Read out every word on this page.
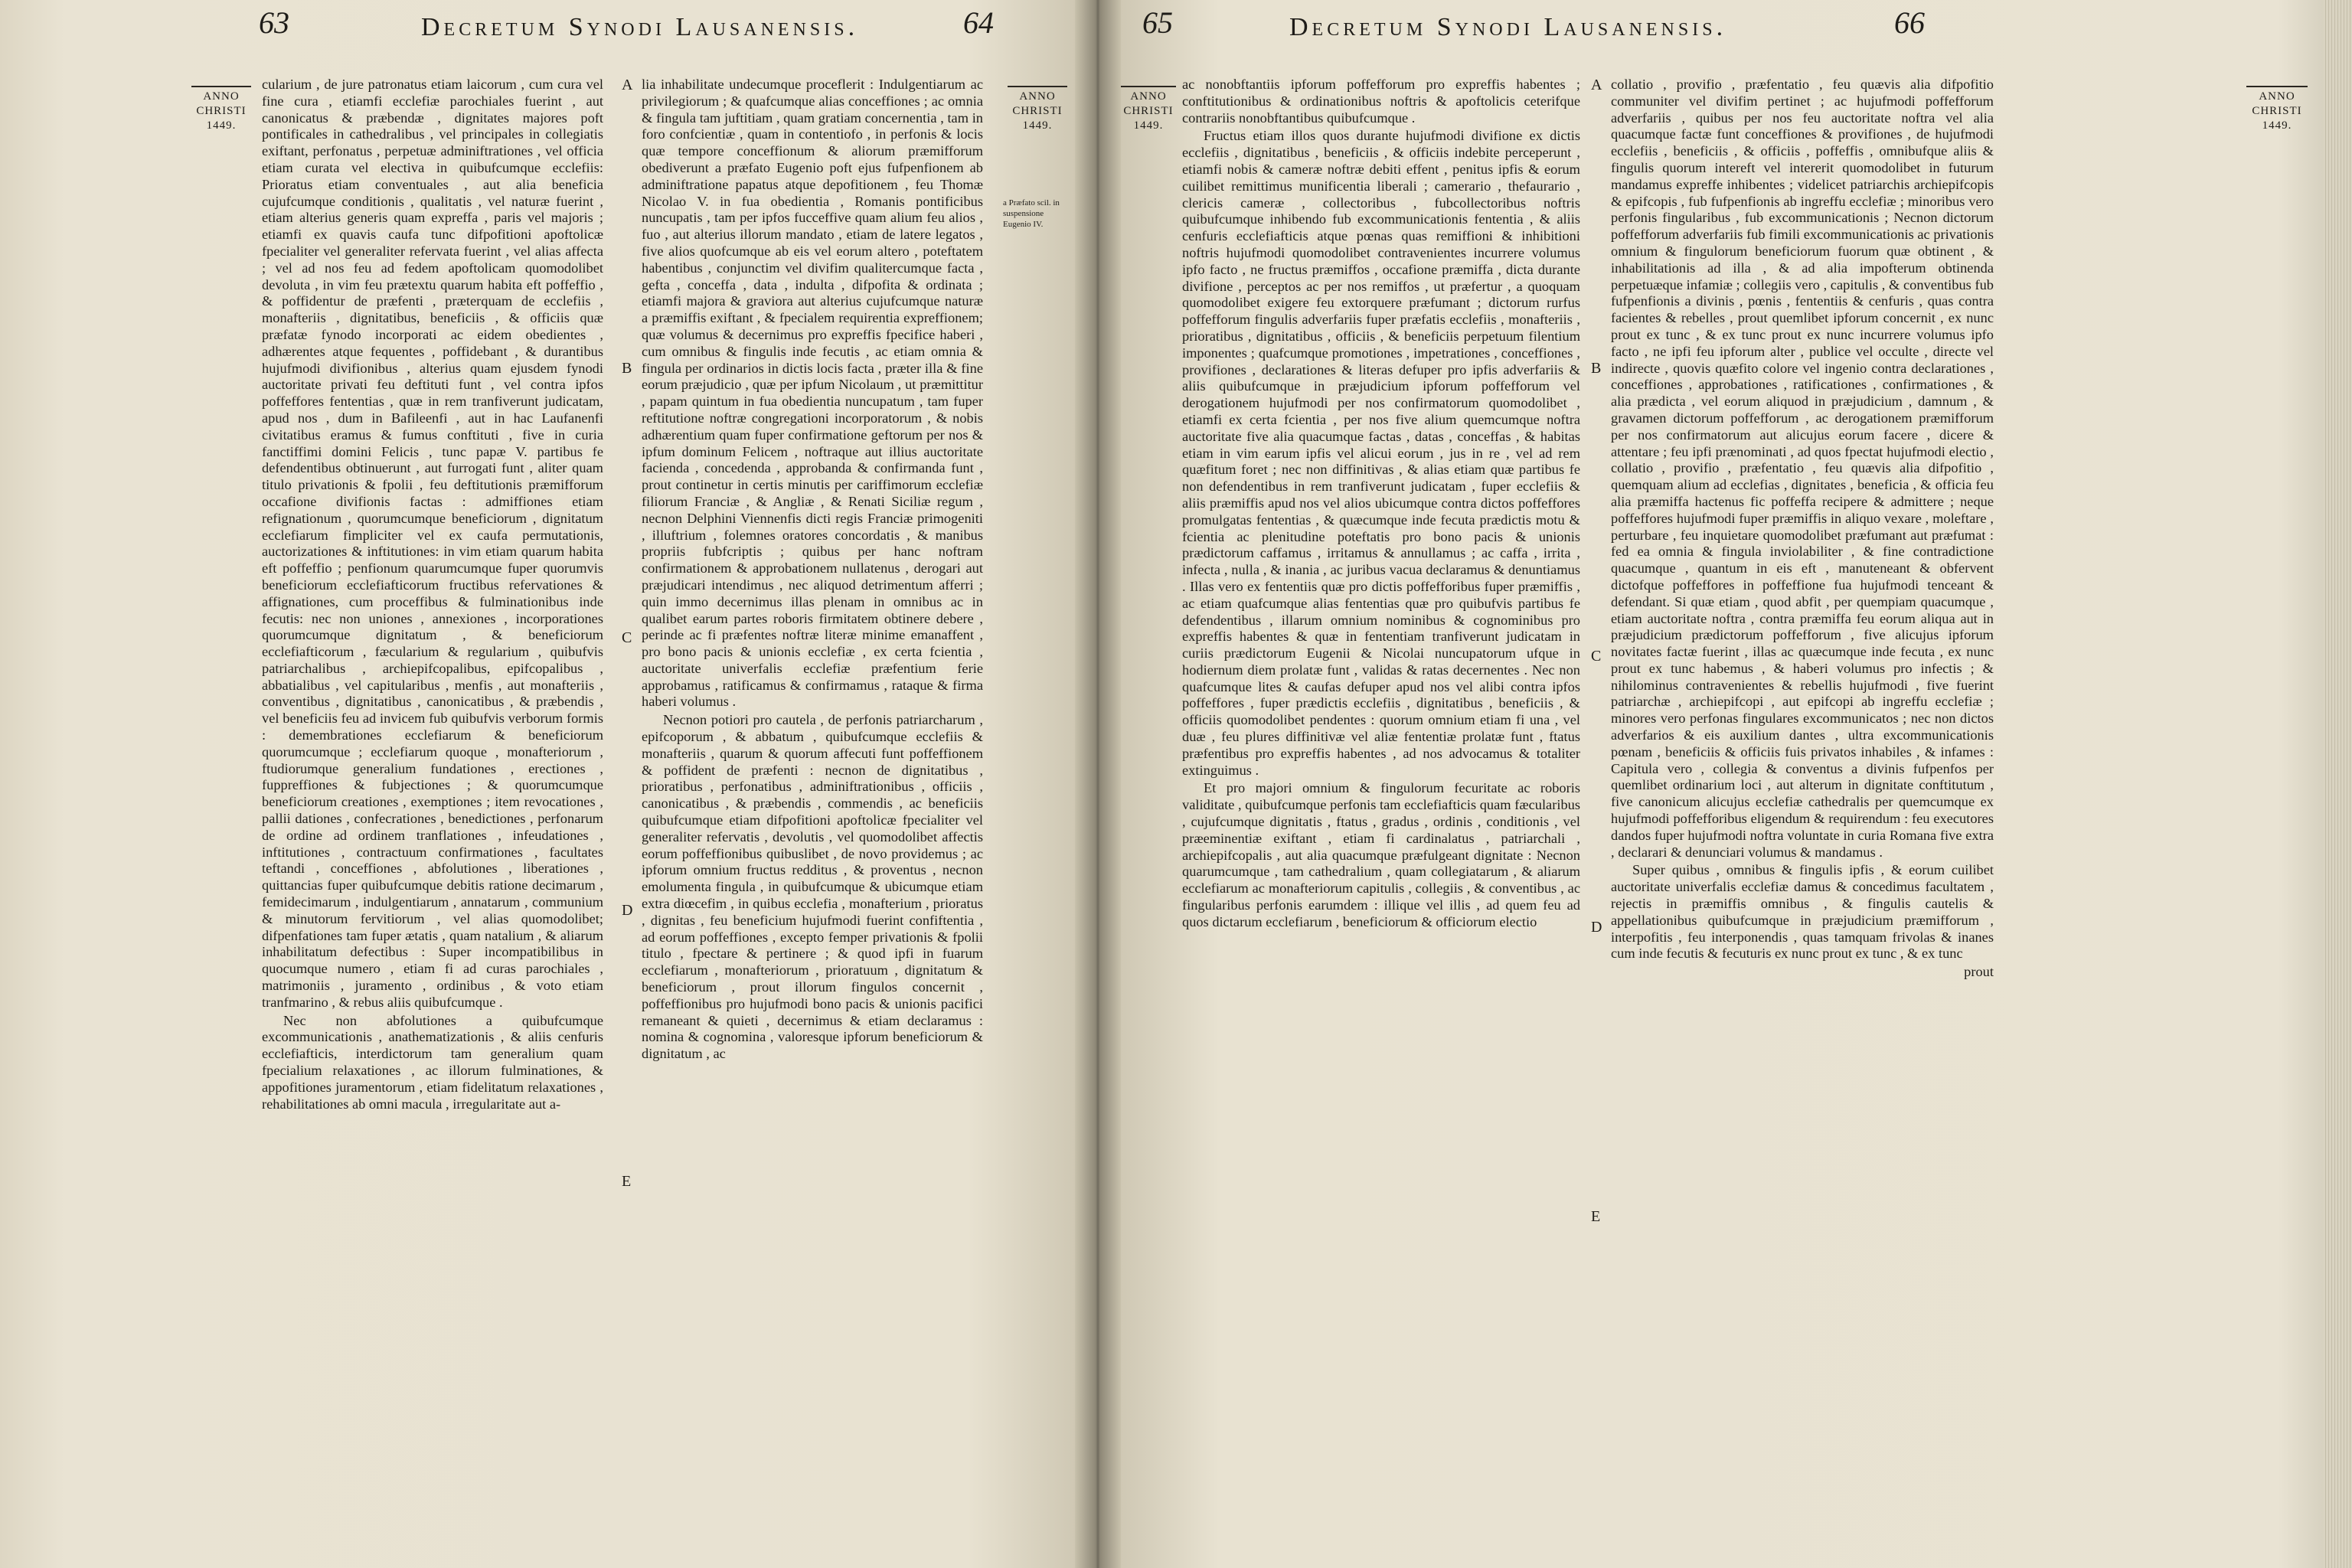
63	Decretum Synodi Lausanensis.	64
ANNO
CHRISTI
1449.
ANNO
CHRISTI
1449.
a Præfato scil. in suspensione Eugenio IV.

cularium , de jure patronatus etiam laicorum , cum cura vel fine cura , etiamfi ecclefiæ parochiales fuerint , aut canonicatus & præbendæ , dignitates majores poft pontificales in cathedralibus , vel principales in collegiatis exiftant, perfonatus , perpetuæ adminiftrationes , vel officia etiam curata vel electiva in quibufcumque ecclefiis: Prioratus etiam conventuales , aut alia beneficia cujufcumque conditionis , qualitatis , vel naturæ fuerint , etiam alterius generis quam expreffa , paris vel majoris ; etiamfi ex quavis caufa tunc difpofitioni apoftolicæ fpecialiter vel generaliter refervata fuerint , vel alias affecta ; vel ad nos feu ad fedem apoftolicam quomodolibet devoluta , in vim feu prætextu quarum habita eft poffeffio , & poffidentur de præfenti , præterquam de ecclefiis , monafteriis , dignitatibus, beneficiis , & officiis quæ præfatæ fynodo incorporati ac eidem obedientes , adhærentes atque fequentes , poffidebant , & durantibus hujufmodi divifionibus , alterius quam ejusdem fynodi auctoritate privati feu deftituti funt , vel contra ipfos poffeffores fententias , quæ in rem tranfiverunt judicatam, apud nos , dum in Bafileenfi , aut in hac Laufanenfi civitatibus eramus & fumus conftituti , five in curia fanctiffimi domini Felicis , tunc papæ V. partibus fe defendentibus obtinuerunt , aut furrogati funt , aliter quam titulo privationis & fpolii , feu deftitutionis præmifforum occafione divifionis factas : admiffiones etiam refignationum , quorumcumque beneficiorum , dignitatum ecclefiarum fimpliciter vel ex caufa permutationis, auctorizationes & inftitutiones: in vim etiam quarum habita eft poffeffio ; penfionum quarumcumque fuper quorumvis beneficiorum ecclefiafticorum fructibus refervationes & affignationes, cum proceffibus & fulminationibus inde fecutis: nec non uniones , annexiones , incorporationes quorumcumque dignitatum , & beneficiorum ecclefiafticorum , fæcularium & regularium , quibufvis patriarchalibus , archiepifcopalibus, epifcopalibus , abbatialibus , vel capitularibus , menfis , aut monafteriis , conventibus , dignitatibus , canonicatibus , & præbendis , vel beneficiis feu ad invicem fub quibufvis verborum formis : demembrationes ecclefiarum & beneficiorum quorumcumque ; ecclefiarum quoque , monafteriorum , ftudiorumque generalium fundationes , erectiones , fuppreffiones & fubjectiones ; & quorumcumque beneficiorum creationes , exemptiones ; item revocationes , pallii dationes , confecrationes , benedictiones , perfonarum de ordine ad ordinem tranflationes , infeudationes , inftitutiones , contractuum confirmationes , facultates teftandi , conceffiones , abfolutiones , liberationes , quittancias fuper quibufcumque debitis ratione decimarum , femidecimarum , indulgentiarum , annatarum , communium & minutorum fervitiorum , vel alias quomodolibet; difpenfationes tam fuper ætatis , quam natalium , & aliarum inhabilitatum defectibus : Super incompatibilibus in quocumque numero , etiam fi ad curas parochiales , matrimoniis , juramento , ordinibus , & voto etiam tranfmarino , & rebus aliis quibufcumque .

Nec non abfolutiones a quibufcumque excommunicationis , anathematizationis , & aliis cenfuris ecclefiafticis, interdictorum tam generalium quam fpecialium relaxationes , ac illorum fulminationes, & appofitiones juramentorum , etiam fidelitatum relaxationes , rehabilitationes ab omni macula , irregularitate aut a-

A
B
C
D
E

lia inhabilitate undecumque proceflerit : Indulgentiarum ac privilegiorum ; & quafcumque alias conceffiones ; ac omnia & fingula tam juftitiam , quam gratiam concernentia , tam in foro confcientiæ , quam in contentiofo , in perfonis & locis quæ tempore conceffionum & aliorum præmifforum obediverunt a præfato Eugenio poft ejus fufpenfionem ab adminiftratione papatus atque depofitionem , feu Thomæ Nicolao V. in fua obedientia , Romanis pontificibus nuncupatis , tam per ipfos fucceffive quam alium feu alios , fuo , aut alterius illorum mandato , etiam de latere legatos , five alios quofcumque ab eis vel eorum altero , poteftatem habentibus , conjunctim vel divifim qualitercumque facta , gefta , conceffa , data , indulta , difpofita & ordinata ; etiamfi majora & graviora aut alterius cujufcumque naturæ a præmiffis exiftant , & fpecialem requirentia expreffionem; quæ volumus & decernimus pro expreffis fpecifice haberi , cum omnibus & fingulis inde fecutis , ac etiam omnia & fingula per ordinarios in dictis locis facta , præter illa & fine eorum præjudicio , quæ per ipfum Nicolaum , ut præmittitur , papam quintum in fua obedientia nuncupatum , tam fuper reftitutione noftræ congregationi incorporatorum , & nobis adhærentium quam fuper confirmatione geftorum per nos & ipfum dominum Felicem , noftraque aut illius auctoritate facienda , concedenda , approbanda & confirmanda funt , prout continetur in certis minutis per cariffimorum ecclefiæ filiorum Franciæ , & Angliæ , & Renati Siciliæ regum , necnon Delphini Viennenfis dicti regis Franciæ primogeniti , illuftrium , folemnes oratores concordatis , & manibus propriis fubfcriptis ; quibus per hanc noftram confirmationem & approbationem nullatenus , derogari aut præjudicari intendimus , nec aliquod detrimentum afferri ; quin immo decernimus illas plenam in omnibus ac in qualibet earum partes roboris firmitatem obtinere debere , perinde ac fi præfentes noftræ literæ minime emanaffent , pro bono pacis & unionis ecclefiæ , ex certa fcientia , auctoritate univerfalis ecclefiæ præfentium ferie approbamus , ratificamus & confirmamus , rataque & firma haberi volumus .

Necnon potiori pro cautela , de perfonis patriarcharum , epifcoporum , & abbatum , quibufcumque ecclefiis & monafteriis , quarum & quorum affecuti funt poffeffionem & poffident de præfenti : necnon de dignitatibus , prioratibus , perfonatibus , adminiftrationibus , officiis , canonicatibus , & præbendis , commendis , ac beneficiis quibufcumque etiam difpofitioni apoftolicæ fpecialiter vel generaliter refervatis , devolutis , vel quomodolibet affectis eorum poffeffionibus quibuslibet , de novo providemus ; ac ipforum omnium fructus redditus , & proventus , necnon emolumenta fingula , in quibufcumque & ubicumque etiam extra diœcefim , in quibus ecclefia , monafterium , prioratus , dignitas , feu beneficium hujufmodi fuerint confiftentia , ad eorum poffeffiones , excepto femper privationis & fpolii titulo , fpectare & pertinere ; & quod ipfi in fuarum ecclefiarum , monafteriorum , prioratuum , dignitatum & beneficiorum , prout illorum fingulos concernit , poffeffionibus pro hujufmodi bono pacis & unionis pacifici remaneant & quieti , decernimus & etiam declaramus : nomina & cognomina , valoresque ipforum beneficiorum & dignitatum , ac

65	Decretum Synodi Lausanensis.	66
ANNO
CHRISTI
1449.
ANNO
CHRISTI
1449.

ac nonobftantiis ipforum poffefforum pro expreffis habentes ; conftitutionibus & ordinationibus noftris & apoftolicis ceterifque contrariis nonobftantibus quibufcumque .

Fructus etiam illos quos durante hujufmodi divifione ex dictis ecclefiis , dignitatibus , beneficiis , & officiis indebite perceperunt , etiamfi nobis & cameræ noftræ debiti effent , penitus ipfis & eorum cuilibet remittimus munificentia liberali ; camerario , thefaurario , clericis cameræ , collectoribus , fubcollectoribus noftris quibufcumque inhibendo fub excommunicationis fententia , & aliis cenfuris ecclefiafticis atque pœnas quas remiffioni & inhibitioni noftris hujufmodi quomodolibet contravenientes incurrere volumus ipfo facto , ne fructus præmiffos , occafione præmiffa , dicta durante divifione , perceptos ac per nos remiffos , ut præfertur , a quoquam quomodolibet exigere feu extorquere præfumant ; dictorum rurfus poffefforum fingulis adverfariis fuper præfatis ecclefiis , monafteriis , prioratibus , dignitatibus , officiis , & beneficiis perpetuum filentium imponentes ; quafcumque promotiones , impetrationes , conceffiones , provifiones , declarationes & literas defuper pro ipfis adverfariis & aliis quibufcumque in præjudicium ipforum poffefforum vel derogationem hujufmodi per nos confirmatorum quomodolibet , etiamfi ex certa fcientia , per nos five alium quemcumque noftra auctoritate five alia quacumque factas , datas , conceffas , & habitas etiam in vim earum ipfis vel alicui eorum , jus in re , vel ad rem quæfitum foret ; nec non diffinitivas , & alias etiam quæ partibus fe non defendentibus in rem tranfiverunt judicatam , fuper ecclefiis & aliis præmiffis apud nos vel alios ubicumque contra dictos poffeffores promulgatas fententias , & quæcumque inde fecuta prædictis motu & fcientia ac plenitudine poteftatis pro bono pacis & unionis prædictorum caffamus , irritamus & annullamus ; ac caffa , irrita , infecta , nulla , & inania , ac juribus vacua declaramus & denuntiamus . Illas vero ex fententiis quæ pro dictis poffefforibus fuper præmiffis , ac etiam quafcumque alias fententias quæ pro quibufvis partibus fe defendentibus , illarum omnium nominibus & cognominibus pro expreffis habentes & quæ in fententiam tranfiverunt judicatam in curiis prædictorum Eugenii & Nicolai nuncupatorum ufque in hodiernum diem prolatæ funt , validas & ratas decernentes . Nec non quafcumque lites & caufas defuper apud nos vel alibi contra ipfos poffeffores , fuper prædictis ecclefiis , dignitatibus , beneficiis , & officiis quomodolibet pendentes : quorum omnium etiam fi una , vel duæ , feu plures diffinitivæ vel aliæ fententiæ prolatæ funt , ftatus præfentibus pro expreffis habentes , ad nos advocamus & totaliter extinguimus .

Et pro majori omnium & fingulorum fecuritate ac roboris validitate , quibufcumque perfonis tam ecclefiafticis quam fæcularibus , cujufcumque dignitatis , ftatus , gradus , ordinis , conditionis , vel præeminentiæ exiftant , etiam fi cardinalatus , patriarchali , archiepifcopalis , aut alia quacumque præfulgeant dignitate : Necnon quarumcumque , tam cathedralium , quam collegiatarum , & aliarum ecclefiarum ac monafteriorum capitulis , collegiis , & conventibus , ac fingularibus perfonis earumdem : illique vel illis , ad quem feu ad quos dictarum ecclefiarum , beneficiorum & officiorum electio

A
B
C
D
E

collatio , provifio , præfentatio , feu quævis alia difpofitio communiter vel divifim pertinet ; ac hujufmodi poffefforum adverfariis , quibus per nos feu auctoritate noftra vel alia quacumque factæ funt conceffiones & provifiones , de hujufmodi ecclefiis , beneficiis , & officiis , poffeffis , omnibufque aliis & fingulis quorum intereft vel intererit quomodolibet in futurum mandamus expreffe inhibentes ; videlicet patriarchis archiepifcopis & epifcopis , fub fufpenfionis ab ingreffu ecclefiæ ; minoribus vero perfonis fingularibus , fub excommunicationis ; Necnon dictorum poffefforum adverfariis fub fimili excommunicationis ac privationis omnium & fingulorum beneficiorum fuorum quæ obtinent , & inhabilitationis ad illa , & ad alia impofterum obtinenda perpetuæque infamiæ ; collegiis vero , capitulis , & conventibus fub fufpenfionis a divinis , pœnis , fententiis & cenfuris , quas contra facientes & rebelles , prout quemlibet ipforum concernit , ex nunc prout ex tunc , & ex tunc prout ex nunc incurrere volumus ipfo facto , ne ipfi feu ipforum alter , publice vel occulte , directe vel indirecte , quovis quæfito colore vel ingenio contra declarationes , conceffiones , approbationes , ratificationes , confirmationes , & alia prædicta , vel eorum aliquod in præjudicium , damnum , & gravamen dictorum poffefforum , ac derogationem præmifforum per nos confirmatorum aut alicujus eorum facere , dicere & attentare ; feu ipfi prænominati , ad quos fpectat hujufmodi electio , collatio , provifio , præfentatio , feu quævis alia difpofitio , quemquam alium ad ecclefias , dignitates , beneficia , & officia feu alia præmiffa hactenus fic poffeffa recipere & admittere ; neque poffeffores hujufmodi fuper præmiffis in aliquo vexare , moleftare , perturbare , feu inquietare quomodolibet præfumant aut præfumat : fed ea omnia & fingula inviolabiliter , & fine contradictione quacumque , quantum in eis eft , manuteneant & obfervent dictofque poffeffores in poffeffione fua hujufmodi tenceant & defendant. Si quæ etiam , quod abfit , per quempiam quacumque , etiam auctoritate noftra , contra præmiffa feu eorum aliqua aut in præjudicium prædictorum poffefforum , five alicujus ipforum novitates factæ fuerint , illas ac quæcumque inde fecuta , ex nunc prout ex tunc habemus , & haberi volumus pro infectis ; & nihilominus contravenientes & rebellis hujufmodi , five fuerint patriarchæ , archiepifcopi , aut epifcopi ab ingreffu ecclefiæ ; minores vero perfonas fingulares excommunicatos ; nec non dictos adverfarios & eis auxilium dantes , ultra excommunicationis pœnam , beneficiis & officiis fuis privatos inhabiles , & infames : Capitula vero , collegia & conventus a divinis fufpenfos per quemlibet ordinarium loci , aut alterum in dignitate conftitutum , five canonicum alicujus ecclefiæ cathedralis per quemcumque ex hujufmodi poffefforibus eligendum & requirendum : feu executores dandos fuper hujufmodi noftra voluntate in curia Romana five extra , declarari & denunciari volumus & mandamus .

Super quibus , omnibus & fingulis ipfis , & eorum cuilibet auctoritate univerfalis ecclefiæ damus & concedimus facultatem , rejectis in præmiffis omnibus , & fingulis cautelis & appellationibus quibufcumque in præjudicium præmifforum , interpofitis , feu interponendis , quas tamquam frivolas & inanes cum inde fecutis & fecuturis ex nunc prout ex tunc , & ex tunc

prout
